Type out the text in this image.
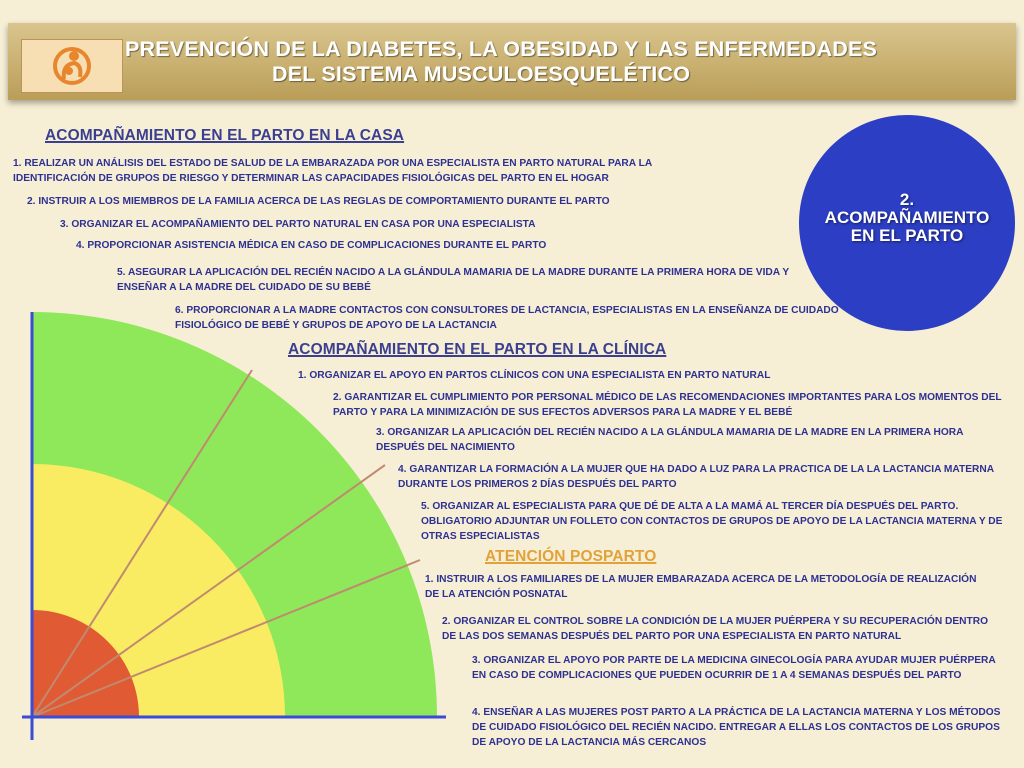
PREVENCIÓN DE LA DIABETES, LA OBESIDAD Y LAS ENFERMEDADES
DEL SISTEMA MUSCULOESQUELÉTICO
2.
ACOMPAÑAMIENTO
EN EL PARTO
ACOMPAÑAMIENTO EN EL PARTO EN LA CASA

1. REALIZAR UN ANÁLISIS DEL ESTADO DE SALUD DE LA EMBARAZADA POR UNA ESPECIALISTA EN PARTO NATURAL PARA LA IDENTIFICACIÓN DE GRUPOS DE RIESGO Y DETERMINAR LAS CAPACIDADES FISIOLÓGICAS DEL PARTO EN EL HOGAR

2. INSTRUIR A LOS MIEMBROS DE LA FAMILIA ACERCA DE LAS REGLAS DE COMPORTAMIENTO DURANTE EL PARTO

3. ORGANIZAR EL ACOMPAÑAMIENTO DEL PARTO NATURAL EN CASA POR UNA ESPECIALISTA

4. PROPORCIONAR ASISTENCIA MÉDICA EN CASO DE COMPLICACIONES DURANTE EL PARTO

5. ASEGURAR LA APLICACIÓN DEL RECIÉN NACIDO A LA GLÁNDULA MAMARIA DE LA MADRE DURANTE LA PRIMERA HORA DE VIDA Y ENSEÑAR A LA MADRE DEL CUIDADO DE SU BEBÉ

6. PROPORCIONAR A LA MADRE CONTACTOS CON CONSULTORES DE LACTANCIA, ESPECIALISTAS EN LA ENSEÑANZA DE CUIDADO FISIOLÓGICO DE BEBÉ Y GRUPOS DE APOYO DE LA LACTANCIA

ACOMPAÑAMIENTO EN EL PARTO EN LA CLÍNICA

1. ORGANIZAR EL APOYO EN PARTOS CLÍNICOS CON UNA ESPECIALISTA EN PARTO NATURAL

2. GARANTIZAR EL CUMPLIMIENTO POR PERSONAL MÉDICO DE LAS RECOMENDACIONES IMPORTANTES PARA LOS MOMENTOS DEL PARTO Y PARA LA MINIMIZACIÓN DE SUS EFECTOS ADVERSOS PARA LA MADRE Y EL BEBÉ

3. ORGANIZAR LA APLICACIÓN DEL RECIÉN NACIDO A LA GLÁNDULA MAMARIA DE LA MADRE EN LA PRIMERA HORA DESPUÉS DEL NACIMIENTO

4. GARANTIZAR LA FORMACIÓN A LA MUJER QUE HA DADO A LUZ PARA LA PRACTICA DE LA LA LACTANCIA MATERNA DURANTE LOS PRIMEROS 2 DÍAS DESPUÉS DEL PARTO

5. ORGANIZAR AL ESPECIALISTA PARA QUE DÉ DE ALTA A LA MAMÁ AL TERCER DÍA DESPUÉS DEL PARTO. OBLIGATORIO ADJUNTAR UN FOLLETO CON CONTACTOS DE GRUPOS DE APOYO DE LA LACTANCIA MATERNA Y DE OTRAS ESPECIALISTAS

ATENCIÓN POSPARTO

1. INSTRUIR A LOS FAMILIARES DE LA MUJER EMBARAZADA ACERCA DE LA METODOLOGÍA DE REALIZACIÓN DE LA ATENCIÓN POSNATAL

2. ORGANIZAR EL CONTROL SOBRE LA CONDICIÓN DE LA MUJER PUÉRPERA Y SU RECUPERACIÓN DENTRO DE LAS DOS SEMANAS DESPUÉS DEL PARTO POR UNA ESPECIALISTA EN PARTO NATURAL

3. ORGANIZAR EL APOYO POR PARTE DE LA MEDICINA GINECOLOGÍA PARA AYUDAR MUJER PUÉRPERA EN CASO DE COMPLICACIONES QUE PUEDEN OCURRIR DE 1 A 4 SEMANAS DESPUÉS DEL PARTO

4. ENSEÑAR A LAS MUJERES POST PARTO A LA PRÁCTICA DE LA LACTANCIA MATERNA Y LOS MÉTODOS DE CUIDADO FISIOLÓGICO DEL RECIÉN NACIDO. ENTREGAR A ELLAS LOS CONTACTOS DE LOS GRUPOS DE APOYO DE LA LACTANCIA MÁS CERCANOS
